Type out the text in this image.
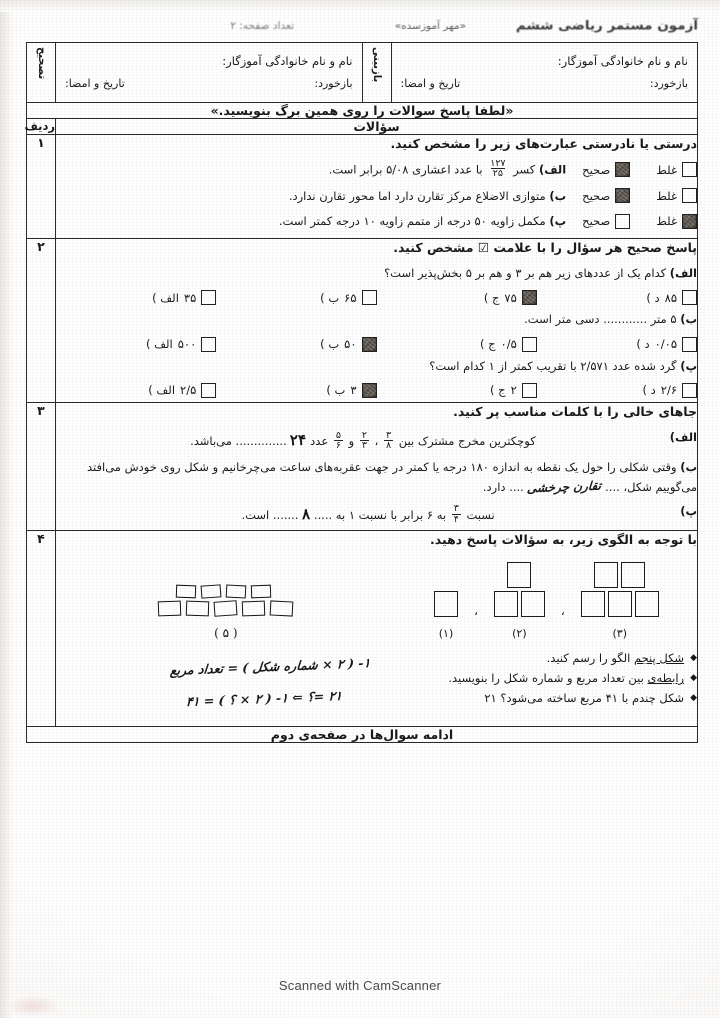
آزمون مستمر ریاضی ششم
«مهر آموزسده»
تعداد صفحه: ۲
نام و نام خانوادگی آموزگار:
بازخورد:
تاریخ و امضا:
	بازبینی	
نام و نام خانوادگی آموزگار:
بازخورد:
تاریخ و امضا:
	تصحیح
«لطفا پاسخ سوالات را روی همین برگ بنویسید.»			
سؤالات			ردیف

درستی یا نادرستی عبارت‌های زیر را مشخص کنید.
غلط
صحیح
الف) کسر
$\frac{۱۲۷}{۲۵}$
با عدد اعشاری ۵/۰۸ برابر است.
غلط
صحیح
ب) متوازی الاضلاع مرکز تقارن دارد اما محور تقارن ندارد.
غلط
صحیح
پ) مکمل زاویه ۵۰ درجه از متمم زاویه ۱۰ درجه کمتر است.
	۱

پاسخ صحیح هر سؤال را با علامت ☑ مشخص کنید.
الف) کدام یک از عددهای زیر هم بر ۳ و هم بر ۵ بخش‌پذیر است؟
۸۵
د )
۷۵
ج )
۶۵
ب )
۳۵
الف )
ب) ۵ متر ............ دسی متر است.
۰/۰۵
د )
۰/۵
ج )
۵۰
ب )
۵۰۰
الف )
پ) گرد شده عدد ۲/۵۷۱ با تقریب کمتر از ۱ کدام است؟
۲/۶
د )
۲
ج )
۳
ب )
۲/۵
الف )
	۲

جاهای خالی را با کلمات مناسب پر کنید.
الف)
کوچکترین مخرج مشترک بین
$\frac{۳}{۸}$
،
$\frac{۲}{۳}$
و
$\frac{۵}{۶}$
عدد ۲۴ .............. می‌باشد.
ب) وقتی شکلی را حول یک نقطه به اندازه ۱۸۰ درجه یا کمتر در جهت عقربه‌های ساعت می‌چرخانیم و شکل روی خودش می‌افتد می‌گوییم شکل، .... تقارن چرخشی .... دارد.
پ)
نسبت
$\frac{۳}{۴}$
به ۶ برابر با نسبت ۱ به ..... ۸ ....... است.
	۳

با توجه به الگوی زیر، به سؤالات پاسخ دهید.
(۳)
،
(۲)
،
(۱)
( ۵ )
◆
شکل پنجم الگو را رسم کنید.
◆
رابطه‌ی بین تعداد مربع و شماره شکل را بنویسید.
◆
شکل چندم با ۴۱ مربع ساخته می‌شود؟ ۲۱
۱- ( ۲ × شماره شکل ) = تعداد مربع ۲۱ =؟ ⇐ ۱- ( ۲ × ؟ ) = ۴۱
	۴
ادامه سوال‌ها در صفحه‌ی دوم			
Scanned with CamScanner
